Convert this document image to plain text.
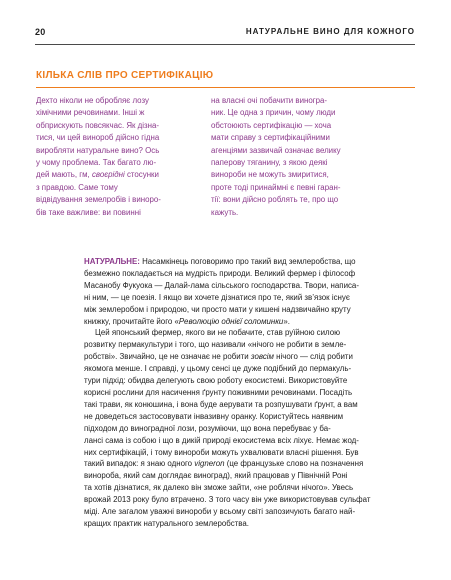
20	НАТУРАЛЬНЕ ВИНО ДЛЯ КОЖНОГО
КІЛЬКА СЛІВ ПРО СЕРТИФІКАЦІЮ
Дехто ніколи не обробляє лозу
хімічними речовинами. Інші ж
обприскують повсякчас. Як дізна-
тися, чи цей винороб дійсно гідна
виробляти натуральне вино? Ось
у чому проблема. Так багато лю-
дей мають, гм, своєрідні стосунки
з правдою. Саме тому
відвідування земелробів і виноро-
бів таке важливе: ви повинні
на власні очі побачити виногра-
ник. Це одна з причин, чому люди
обстоюють сертифікацію — хоча
мати справу з сертифікаційними
агенціями зазвичай означає велику
паперову тяганину, з якою деякі
винороби не можуть змиритися,
проте тоді принаймні є певні гаран-
тії: вони дійсно роблять те, про що
кажуть.
НАТУРАЛЬНЕ: Насамкінець поговоримо про такий вид землеробства, що
безмежно покладається на мудрість природи. Великий фермер і філософ
Масанобу Фукуока — Далай-лама сільського господарства. Твори, написа-
ні ним, — це поезія. І якщо ви хочете дізнатися про те, який зв’язок існує
між землеробом і природою, чи просто мати у кишені надзвичайно круту
книжку, прочитайте його «Революцію однієї соломинки».
Цей японський фермер, якого ви не побачите, став руїйною силою
розвитку пермакультури і того, що називали «нічого не робити в земле-
робстві». Звичайно, це не означає не робити зовсім нічого — слід робити
якомога менше. І справді, у цьому сенсі це дуже подібний до пермакуль-
тури підхід: обидва делегують свою роботу екосистемі. Використовуйте
корисні рослини для насичення ґрунту поживними речовинами. Посадіть
такі трави, як конюшина, і вона буде аерувати та розпушувати ґрунт, а вам
не доведеться застосовувати інвазивну оранку. Користуйтесь наявним
підходом до виноградної лози, розуміючи, що вона перебуває у ба-
лансі сама із собою і що в дикій природі екосистема всіх ліхує. Немає жод-
них сертифікацій, і тому винороби можуть ухвалювати власні рішення. Був
такий випадок: я знаю одного vigneron (це французьке слово на позначення
винороба, який сам доглядає виноград), який працював у Північній Роні
та хотів дізнатися, як далеко він зможе зайти, «не роблячи нічого». Увесь
врожай 2013 року було втрачено. З того часу він уже використовував сульфат
міді. Але загалом уважні винороби у всьому світі запозичують багато най-
кращих практик натурального землеробства.
